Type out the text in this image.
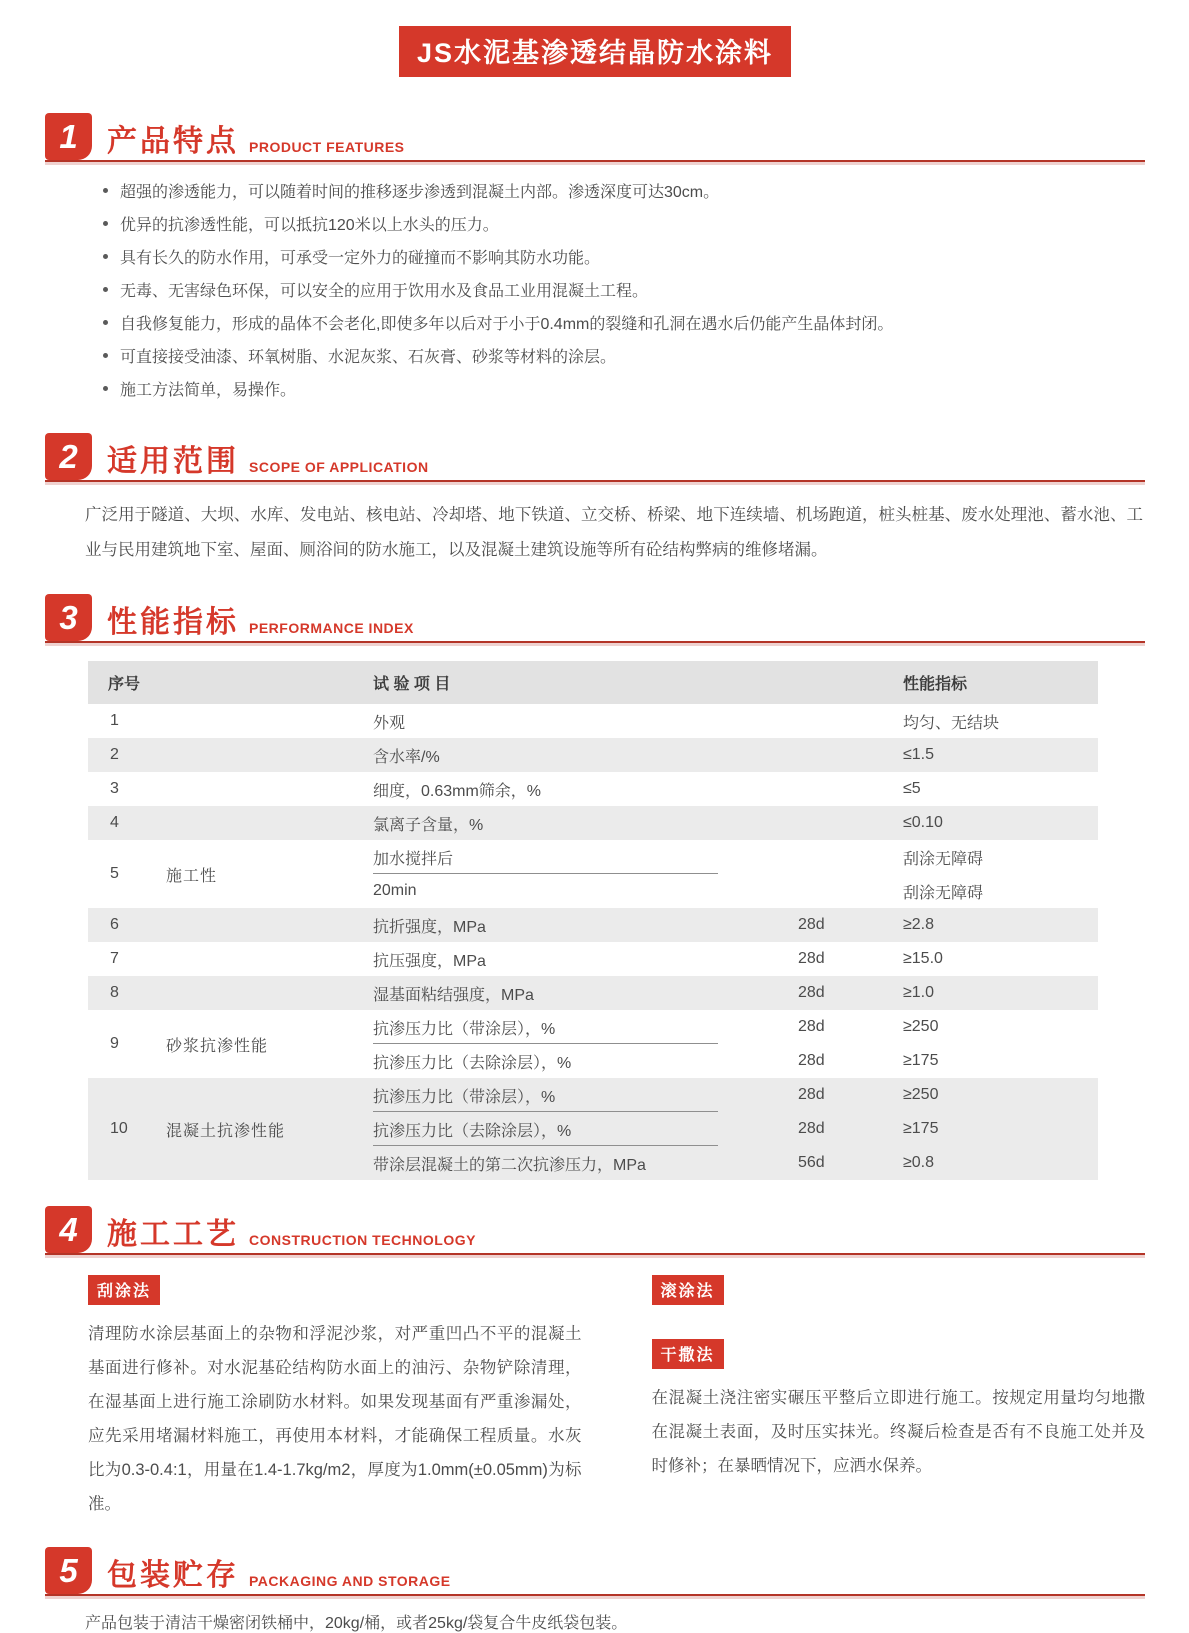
JS水泥基渗透结晶防水涂料
1 产品特点 PRODUCT FEATURES
超强的渗透能力，可以随着时间的推移逐步渗透到混凝土内部。渗透深度可达30cm。
优异的抗渗透性能，可以抵抗120米以上水头的压力。
具有长久的防水作用，可承受一定外力的碰撞而不影响其防水功能。
无毒、无害绿色环保，可以安全的应用于饮用水及食品工业用混凝土工程。
自我修复能力，形成的晶体不会老化,即使多年以后对于小于0.4mm的裂缝和孔洞在遇水后仍能产生晶体封闭。
可直接接受油漆、环氧树脂、水泥灰浆、石灰膏、砂浆等材料的涂层。
施工方法简单，易操作。
2 适用范围 SCOPE OF APPLICATION

广泛用于隧道、大坝、水库、发电站、核电站、冷却塔、地下铁道、立交桥、桥梁、地下连续墙、机场跑道，桩头桩基、废水处理池、蓄水池、工业与民用建筑地下室、屋面、厕浴间的防水施工，以及混凝土建筑设施等所有砼结构弊病的维修堵漏。

3 性能指标 PERFORMANCE INDEX
序号	试 验 项 目	性能指标
1	外观	均匀、无结块
2	含水率/%	≤1.5
3	细度，0.63mm筛余，%	≤5
4	氯离子含量，%	≤0.10
5	施工性
加水搅拌后	刮涂无障碍
20min	刮涂无障碍
6	抗折强度，MPa	28d	≥2.8
7	抗压强度，MPa	28d	≥15.0
8	湿基面粘结强度，MPa	28d	≥1.0
9	砂浆抗渗性能
抗渗压力比（带涂层），%	28d	≥250
抗渗压力比（去除涂层），%	28d	≥175
10	混凝土抗渗性能
抗渗压力比（带涂层），%	28d	≥250
抗渗压力比（去除涂层），%	28d	≥175
带涂层混凝土的第二次抗渗压力，MPa	56d	≥0.8
4 施工工艺 CONSTRUCTION TECHNOLOGY
刮涂法

清理防水涂层基面上的杂物和浮泥沙浆，对严重凹凸不平的混凝土基面进行修补。对水泥基砼结构防水面上的油污、杂物铲除清理，在湿基面上进行施工涂刷防水材料。如果发现基面有严重渗漏处，应先采用堵漏材料施工，再使用本材料，才能确保工程质量。水灰比为0.3-0.4:1，用量在1.4-1.7kg/m2，厚度为1.0mm(±0.05mm)为标准。

滚涂法
干撒法

在混凝土浇注密实碾压平整后立即进行施工。按规定用量均匀地撒在混凝土表面，及时压实抹光。终凝后检查是否有不良施工处并及时修补；在暴晒情况下，应洒水保养。

5 包装贮存 PACKAGING AND STORAGE

产品包装于清洁干燥密闭铁桶中，20kg/桶，或者25kg/袋复合牛皮纸袋包装。
